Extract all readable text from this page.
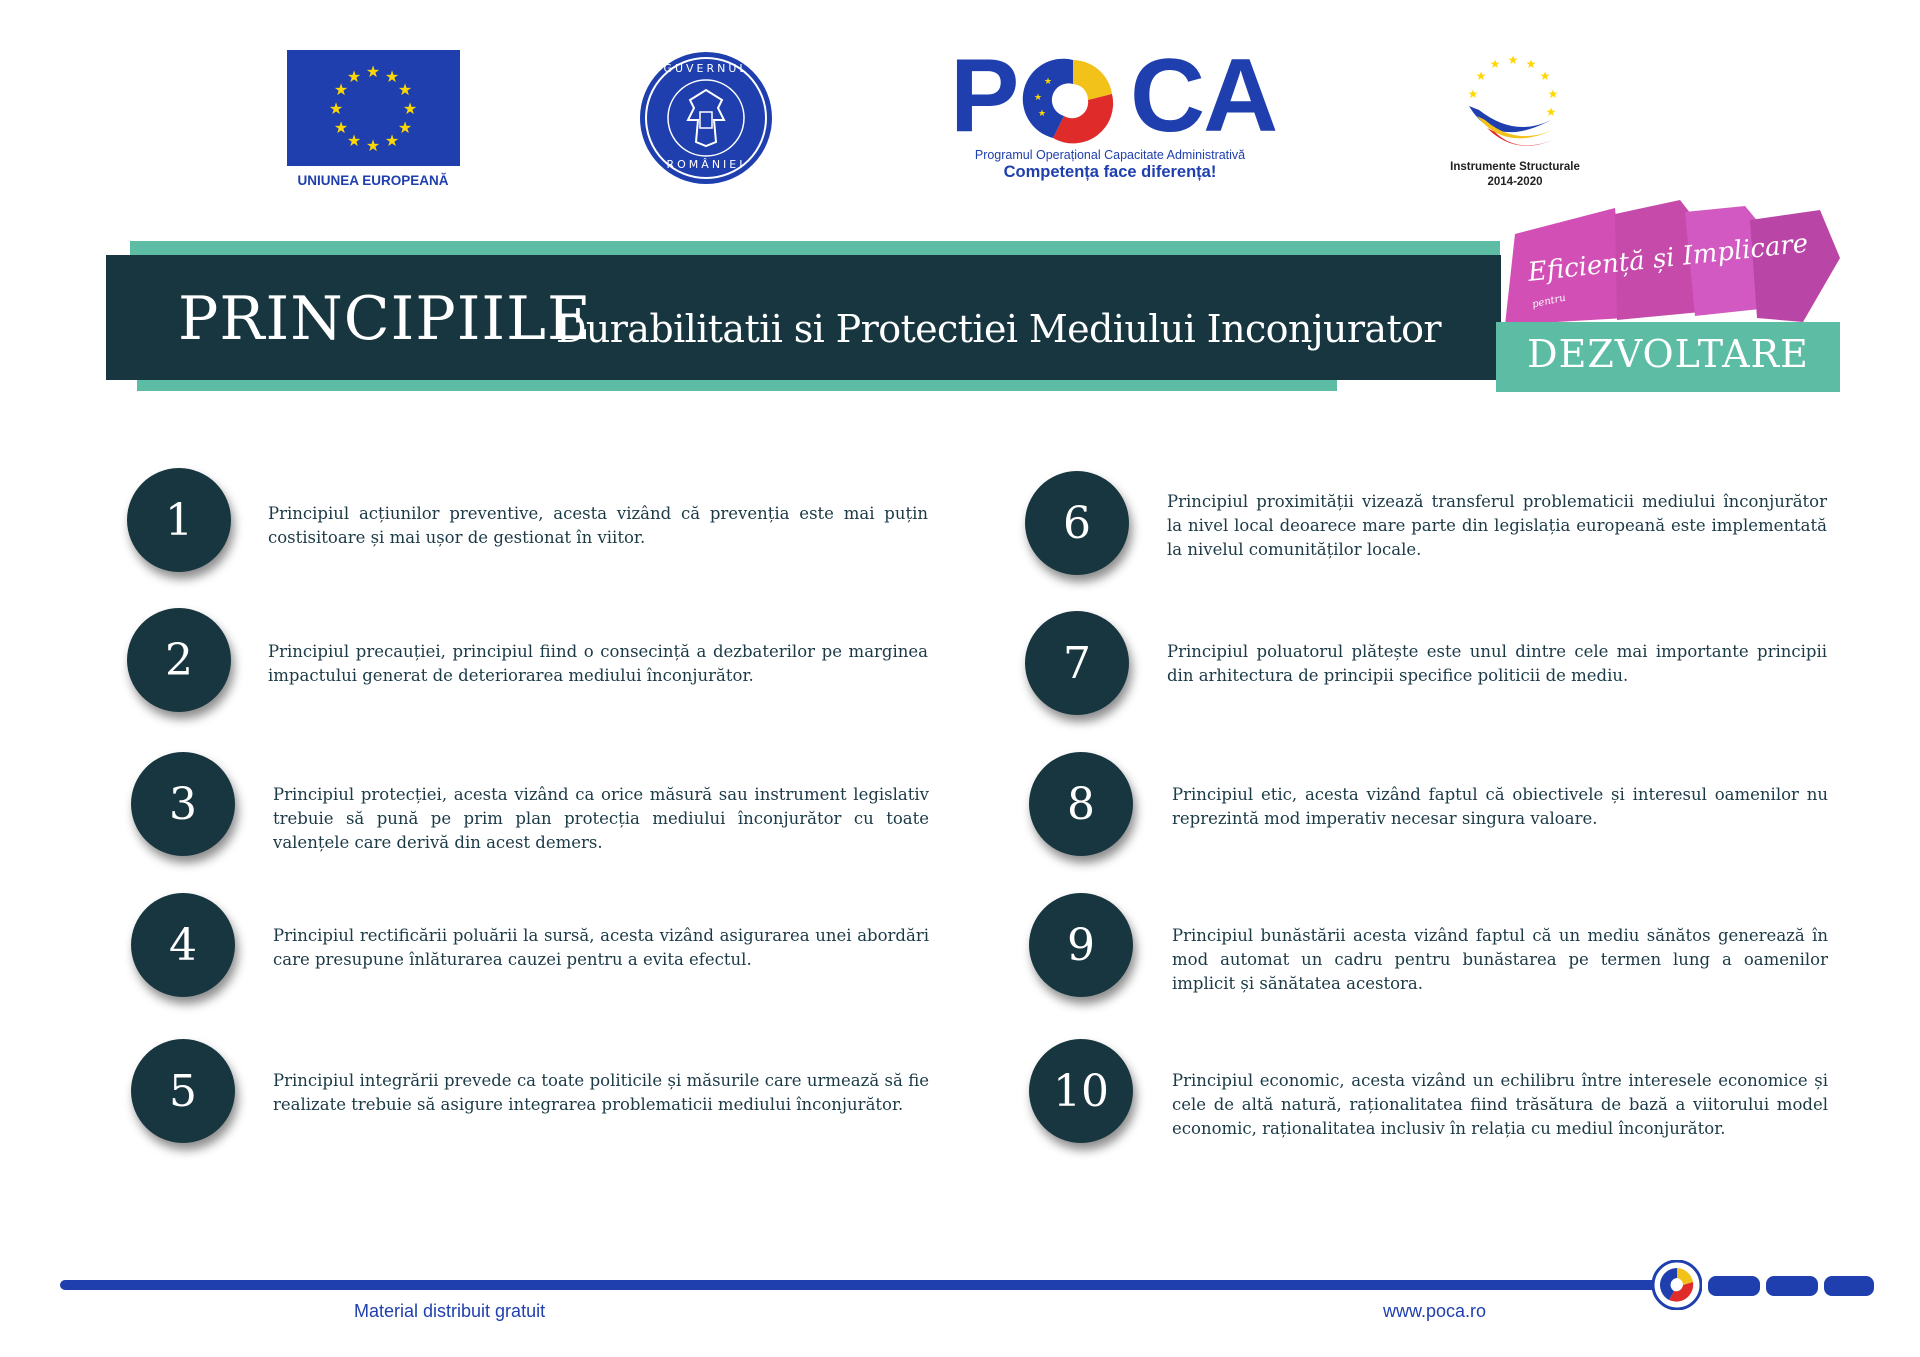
★ ★
★
★
★
★
★
★
★
★
★
★
UNIUNEA EUROPEANĂ
GUVERNUL
ROMÂNIEI
P	★
★
★ CA
Programul Operațional Capacitate Administrativă
Competența face diferența!
★ ★ ★
★
★
★
★
★
Instrumente Structurale
2014-2020
PRINCIPIILE
Durabilitatii si Protectiei Mediului Inconjurator
Eficiență și Implicare
pentru
DEZVOLTARE
1	Principiul acțiunilor preventive, acesta vizând că prevenția este mai puțin costisitoare și mai ușor de gestionat în viitor.
2	Principiul precauției, principiul fiind o consecință a dezbaterilor pe marginea impactului generat de deteriorarea mediului înconjurător.
3	Principiul protecției, acesta vizând ca orice măsură sau instrument legislativ trebuie să pună pe prim plan protecția mediului înconjurător cu toate valențele care derivă din acest demers.
4	Principiul rectificării poluării la sursă, acesta vizând asigurarea unei abordări care presupune înlăturarea cauzei pentru a evita efectul.
5	Principiul integrării prevede ca toate politicile și măsurile care urmează să fie realizate trebuie să asigure integrarea problematicii mediului înconjurător.
6	Principiul proximității vizează transferul problematicii mediului înconjurător la nivel local deoarece mare parte din legislația europeană este implementată la nivelul comunităților locale.
7	Principiul poluatorul plătește este unul dintre cele mai importante principii din arhitectura de principii specifice politicii de mediu.
8	Principiul etic, acesta vizând faptul că obiectivele și interesul oamenilor nu reprezintă mod imperativ necesar singura valoare.
9	Principiul bunăstării acesta vizând faptul că un mediu sănătos generează în mod automat un cadru pentru bunăstarea pe termen lung a oamenilor implicit și sănătatea acestora.
10	Principiul economic, acesta vizând un echilibru între interesele economice și cele de altă natură, raționalitatea fiind trăsătura de bază a viitorului model economic, raționalitatea inclusiv în relația cu mediul înconjurător.
Material distribuit gratuit	www.poca.ro
